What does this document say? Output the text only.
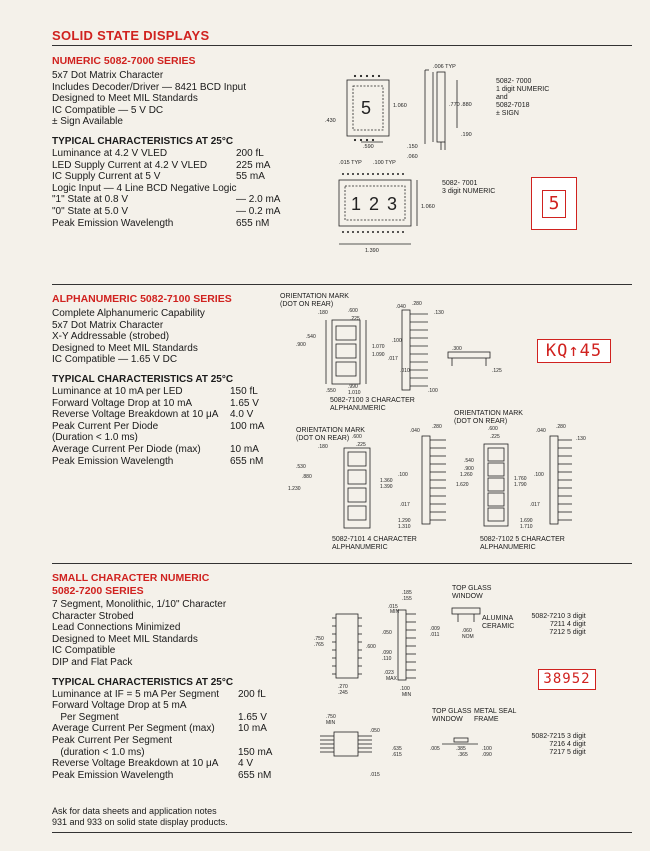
SOLID STATE DISPLAYS
NUMERIC 5082-7000 SERIES
5x7 Dot Matrix Character
Includes Decoder/Driver — 8421 BCD Input
Designed to Meet MIL Standards
IC Compatible — 5 V DC
± Sign Available
TYPICAL CHARACTERISTICS AT 25°C
Luminance at 4.2 V VLED	200 fL
LED Supply Current at 4.2 V VLED	225 mA
IC Supply Current at 5 V	55 mA
Logic Input — 4 Line BCD Negative Logic	
"1" State at 0.8 V	— 2.0 mA
"0" State at 5.0 V	— 0.2 mA
Peak Emission Wavelength	655 nM
.006 TYP
1.060	.770 .880
.430
.590
.190
.150
.060
.015 TYP .100 TYP
1.060
1.390
5
1 2 3
5082- 7000
1 digit NUMERIC
and
5082-7018
± SIGN
5082- 7001
3 digit NUMERIC
5
ALPHANUMERIC 5082-7100 SERIES
Complete Alphanumeric Capability
5x7 Dot Matrix Character
X-Y Addressable (strobed)
Designed to Meet MIL Standards
IC Compatible — 1.65 V DC
TYPICAL CHARACTERISTICS AT 25°C
Luminance at 10 mA per LED	150 fL
Forward Voltage Drop at 10 mA	1.65 V
Reverse Voltage Breakdown at 10 μA	4.0 V
Peak Current Per Diode	100 mA
(Duration < 1.0 ms)	
Average Current Per Diode (max)	10 mA
Peak Emission Wavelength	655 nM
.180	.600
.225
.540
.900	1.070
1.090
.040 .280
.130
.100
.017
.550
.990
1.010
.010
.100
.300
.125
.180
.600
.225
.530
.880
1.230
1.360
1.390
.040
.280
.100
.017
1.290
1.310
.600
.225
.540
.900
1.260
1.620
1.760
1.790
.040
.280
.130
.100
.017
1.690
1.710
ORIENTATION MARK
(DOT ON REAR)
ORIENTATION MARK
(DOT ON REAR)
ORIENTATION MARK
(DOT ON REAR)
5082-7100 3 CHARACTER
ALPHANUMERIC
5082-7101 4 CHARACTER
ALPHANUMERIC
5082-7102 5 CHARACTER
ALPHANUMERIC
KQ↑45
SMALL CHARACTER NUMERIC
5082-7200 SERIES
7 Segment, Monolithic, 1/10" Character
Character Strobed
Lead Connections Minimized
Designed to Meet MIL Standards
IC Compatible
DIP and Flat Pack
TYPICAL CHARACTERISTICS AT 25°C
Luminance at IF = 5 mA Per Segment	200 fL
Forward Voltage Drop at 5 mA	
Per Segment	1.65 V
Average Current Per Segment (max)	10 mA
Peak Current Per Segment	
(duration < 1.0 ms)	150 mA
Reverse Voltage Breakdown at 10 μA	4 V
Peak Emission Wavelength	655 nM
.185
.155
.015
MIN
.750
.765	.600
.050
.090
.110
.023
MAX
.009
.011
.060
NOM
.270
.245
.100
MIN
.750
MIN
.050
.635
.615
.015
.005	.385
.365
.100
.090
TOP GLASS
WINDOW
ALUMINA
CERAMIC
TOP GLASS
WINDOW
METAL SEAL
FRAME
5082-7210 3 digit
7211 4 digit
7212 5 digit
5082-7215 3 digit
7216 4 digit
7217 5 digit
38952
Ask for data sheets and application notes
931 and 933 on solid state display products.
